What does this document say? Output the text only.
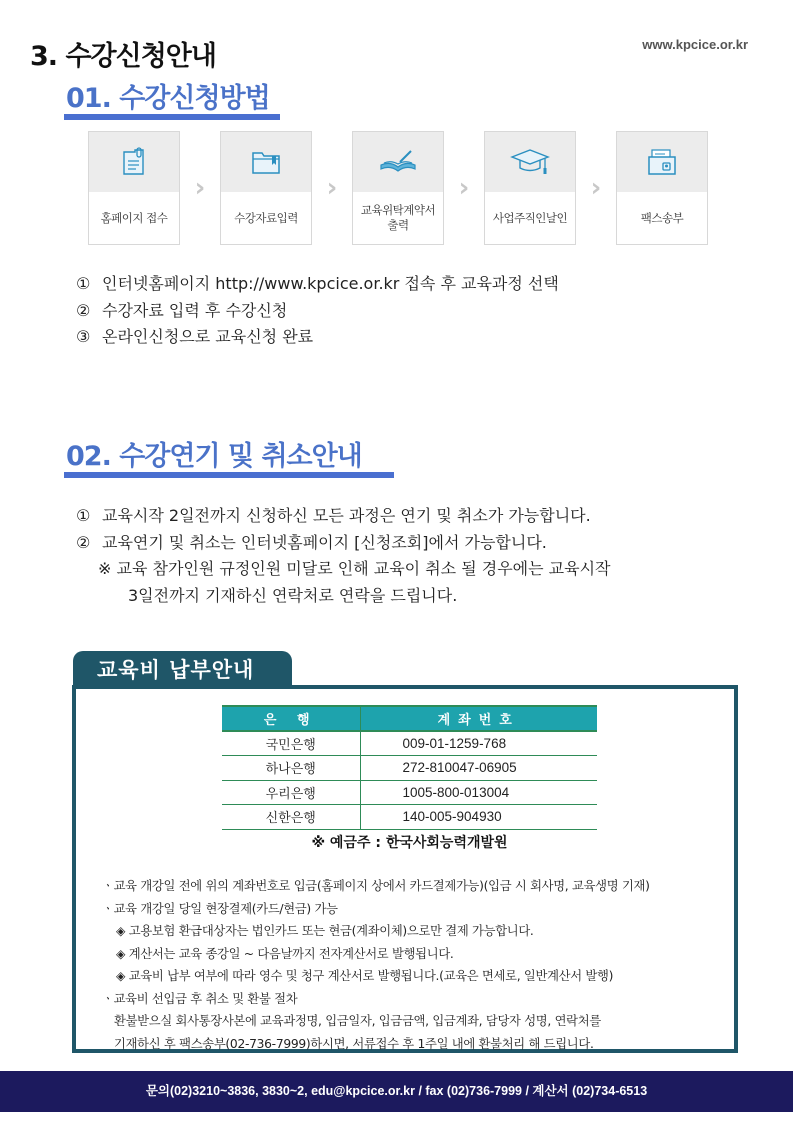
3. 수강신청안내	www.kpcice.or.kr
01. 수강신청방법
홈페이지 접수
›
수강자료입력
›
교육위탁계약서 출력
›
사업주직인날인
›
팩스송부
① 인터넷홈페이지 http://www.kpcice.or.kr 접속 후 교육과정 선택
② 수강자료 입력 후 수강신청
③ 온라인신청으로 교육신청 완료
02. 수강연기 및 취소안내
① 교육시작 2일전까지 신청하신 모든 과정은 연기 및 취소가 가능합니다.
② 교육연기 및 취소는 인터넷홈페이지 [신청조회]에서 가능합니다.
※ 교육 참가인원 규정인원 미달로 인해 교육이 취소 될 경우에는 교육시작
3일전까지 기재하신 연락처로 연락을 드립니다.
교육비 납부안내
은 행	계좌번호
국민은행	009-01-1259-768
하나은행	272-810047-06905
우리은행	1005-800-013004
신한은행	140-005-904930
※ 예금주 : 한국사회능력개발원
ㆍ교육 개강일 전에 위의 계좌번호로 입금(홈페이지 상에서 카드결제가능)(입금 시 회사명, 교육생명 기재)
ㆍ교육 개강일 당일 현장결제(카드/현금) 가능
◈ 고용보험 환급대상자는 법인카드 또는 현금(계좌이체)으로만 결제 가능합니다.
◈ 계산서는 교육 종강일 ~ 다음날까지 전자계산서로 발행됩니다.
◈ 교육비 납부 여부에 따라 영수 및 청구 계산서로 발행됩니다.(교육은 면세로, 일반계산서 발행)
ㆍ교육비 선입금 후 취소 및 환불 절차
환불받으실 회사통장사본에 교육과정명, 입금일자, 입금금액, 입금계좌, 담당자 성명, 연락처를
기재하신 후 팩스송부(02-736-7999)하시면, 서류접수 후 1주일 내에 환불처리 해 드립니다.
문의(02)3210~3836, 3830~2, edu@kpcice.or.kr / fax (02)736-7999 / 계산서 (02)734-6513
